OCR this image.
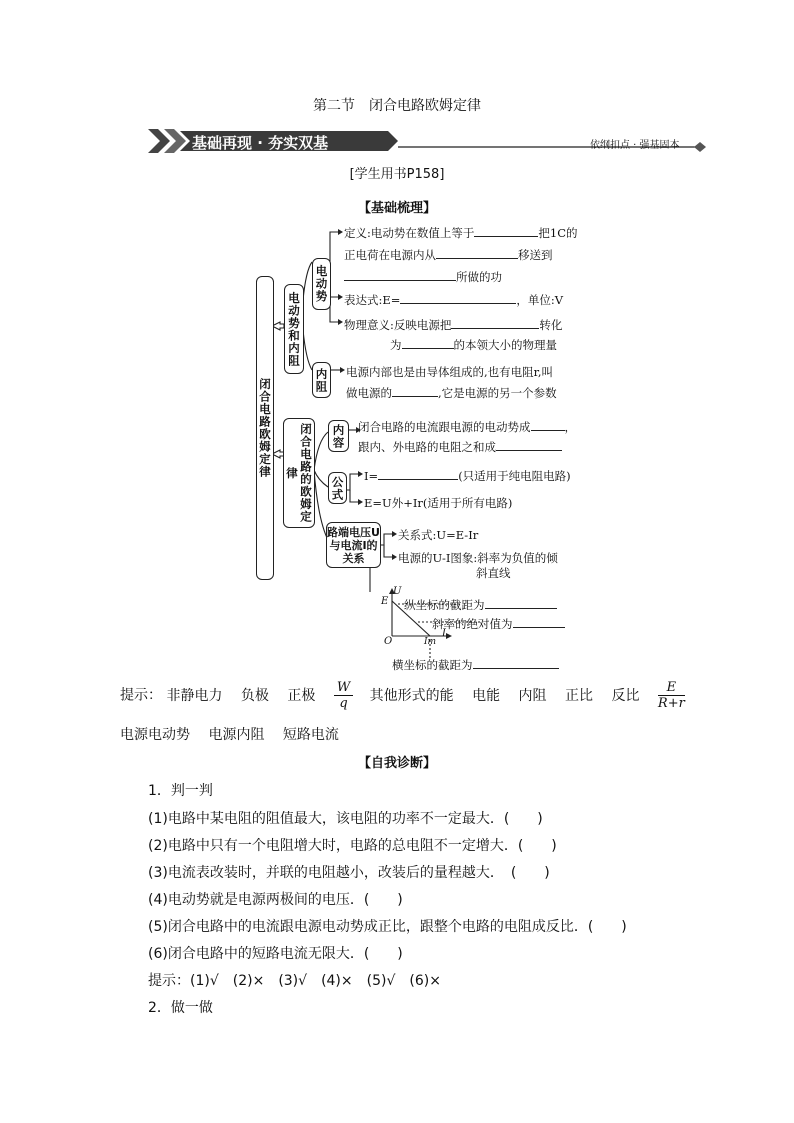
第二节　闭合电路欧姆定律
基础再现 · 夯实双基	依纲扣点 · 强基固本
[学生用书P158]
【基础梳理】
闭合电路欧姆定律
电动势和内阻
电动势
内阻
闭合电路的欧姆定律
内容
公式
路端电压U与电流I的关系
定义:电动势在数值上等于	把1C的
正电荷在电源内从	移送到
所做的功
表达式:E=	，单位:V
物理意义:反映电源把	转化
为	的本领大小的物理量
电源内部也是由导体组成的,也有电阻r,叫
做电源的	,它是电源的另一个参数
闭合电路的电流跟电源的电动势成	，
跟内、外电路的电阻之和成
I=	(只适用于纯电阻电路)
E=U外+Ir(适用于所有电路)
关系式:U=E-Ir
电源的U-I图象:斜率为负值的倾
斜直线
U
E
O
I
Im
纵坐标的截距为
斜率的绝对值为
横坐标的截距为
提示： 非静电力 负极 正极 $\frac{W}{q}$ 其他形式的能 电能 内阻 正比 反比 $\frac{E}{R+r}$
电源电动势 电源内阻 短路电流
【自我诊断】
1．判一判
(1)电路中某电阻的阻值最大，该电阻的功率不一定最大．(　　)
(2)电路中只有一个电阻增大时，电路的总电阻不一定增大．(　　)
(3)电流表改装时，并联的电阻越小，改装后的量程越大．　(　　)
(4)电动势就是电源两极间的电压．(　　)
(5)闭合电路中的电流跟电源电动势成正比，跟整个电路的电阻成反比．(　　)
(6)闭合电路中的短路电流无限大．(　　)
提示：(1)√　(2)×　(3)√　(4)×　(5)√　(6)×
2．做一做
